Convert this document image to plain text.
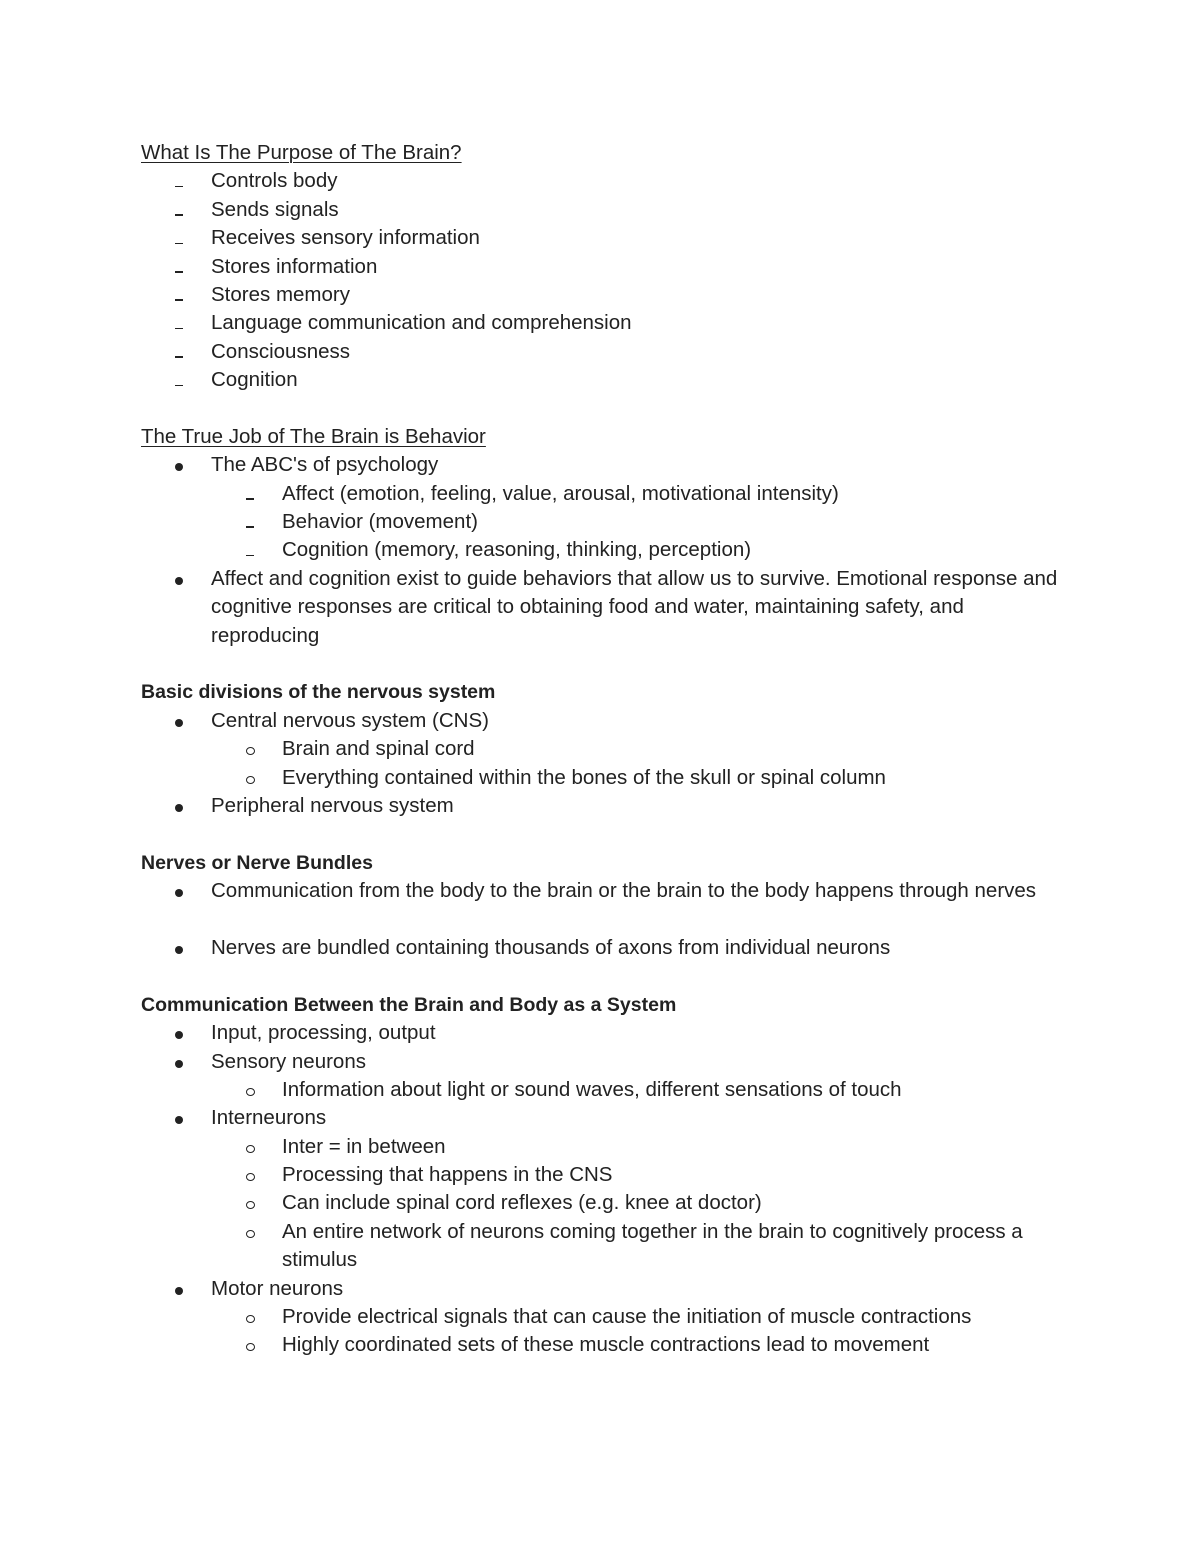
What Is The Purpose of The Brain?
Controls body
Sends signals
Receives sensory information
Stores information
Stores memory
Language communication and comprehension
Consciousness
Cognition
The True Job of The Brain is Behavior
The ABC's of psychology
Affect (emotion, feeling, value, arousal, motivational intensity)
Behavior (movement)
Cognition (memory, reasoning, thinking, perception)
Affect and cognition exist to guide behaviors that allow us to survive. Emotional response and cognitive responses are critical to obtaining food and water, maintaining safety, and reproducing
Basic divisions of the nervous system
Central nervous system (CNS)
Brain and spinal cord
Everything contained within the bones of the skull or spinal column
Peripheral nervous system
Nerves or Nerve Bundles
Communication from the body to the brain or the brain to the body happens through nerves
Nerves are bundled containing thousands of axons from individual neurons
Communication Between the Brain and Body as a System
Input, processing, output
Sensory neurons
Information about light or sound waves, different sensations of touch
Interneurons
Inter = in between
Processing that happens in the CNS
Can include spinal cord reflexes (e.g. knee at doctor)
An entire network of neurons coming together in the brain to cognitively process a stimulus
Motor neurons
Provide electrical signals that can cause the initiation of muscle contractions
Highly coordinated sets of these muscle contractions lead to movement
